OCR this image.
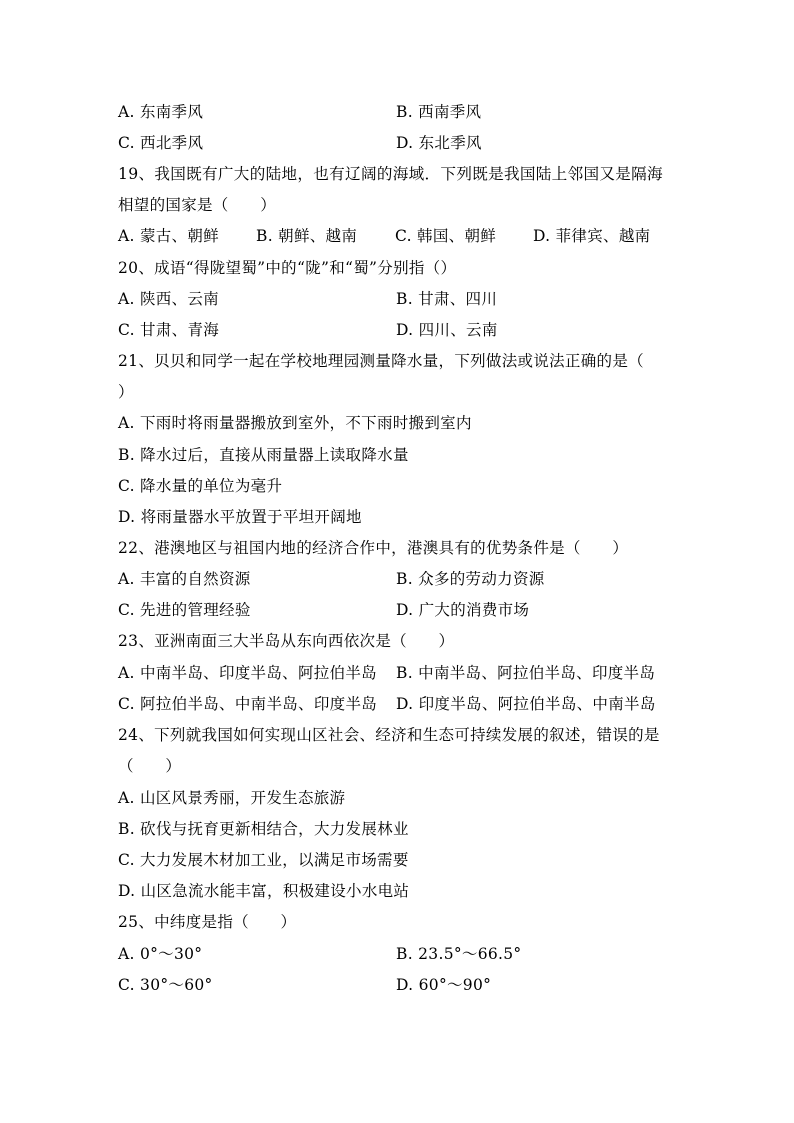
A. 东南季风	B. 西南季风
C. 西北季风	D. 东北季风
19、我国既有广大的陆地，也有辽阔的海域．下列既是我国陆上邻国又是隔海
相望的国家是（　　）
A. 蒙古、朝鲜 B. 朝鲜、越南 C. 韩国、朝鲜 D. 菲律宾、越南
20、成语“得陇望蜀”中的“陇”和“蜀”分别指（）
A. 陕西、云南	B. 甘肃、四川
C. 甘肃、青海	D. 四川、云南
21、贝贝和同学一起在学校地理园测量降水量，下列做法或说法正确的是（
）
A. 下雨时将雨量器搬放到室外，不下雨时搬到室内
B. 降水过后，直接从雨量器上读取降水量
C. 降水量的单位为毫升
D. 将雨量器水平放置于平坦开阔地
22、港澳地区与祖国内地的经济合作中，港澳具有的优势条件是（　　）
A. 丰富的自然资源	B. 众多的劳动力资源
C. 先进的管理经验	D. 广大的消费市场
23、亚洲南面三大半岛从东向西依次是（　　）
A. 中南半岛、印度半岛、阿拉伯半岛 B. 中南半岛、阿拉伯半岛、印度半岛
C. 阿拉伯半岛、中南半岛、印度半岛 D. 印度半岛、阿拉伯半岛、中南半岛
24、下列就我国如何实现山区社会、经济和生态可持续发展的叙述，错误的是
（　　）
A. 山区风景秀丽，开发生态旅游
B. 砍伐与抚育更新相结合，大力发展林业
C. 大力发展木材加工业，以满足市场需要
D. 山区急流水能丰富，积极建设小水电站
25、中纬度是指（　　）
A. 0°～30°	B. 23.5°～66.5°
C. 30°～60°	D. 60°～90°
